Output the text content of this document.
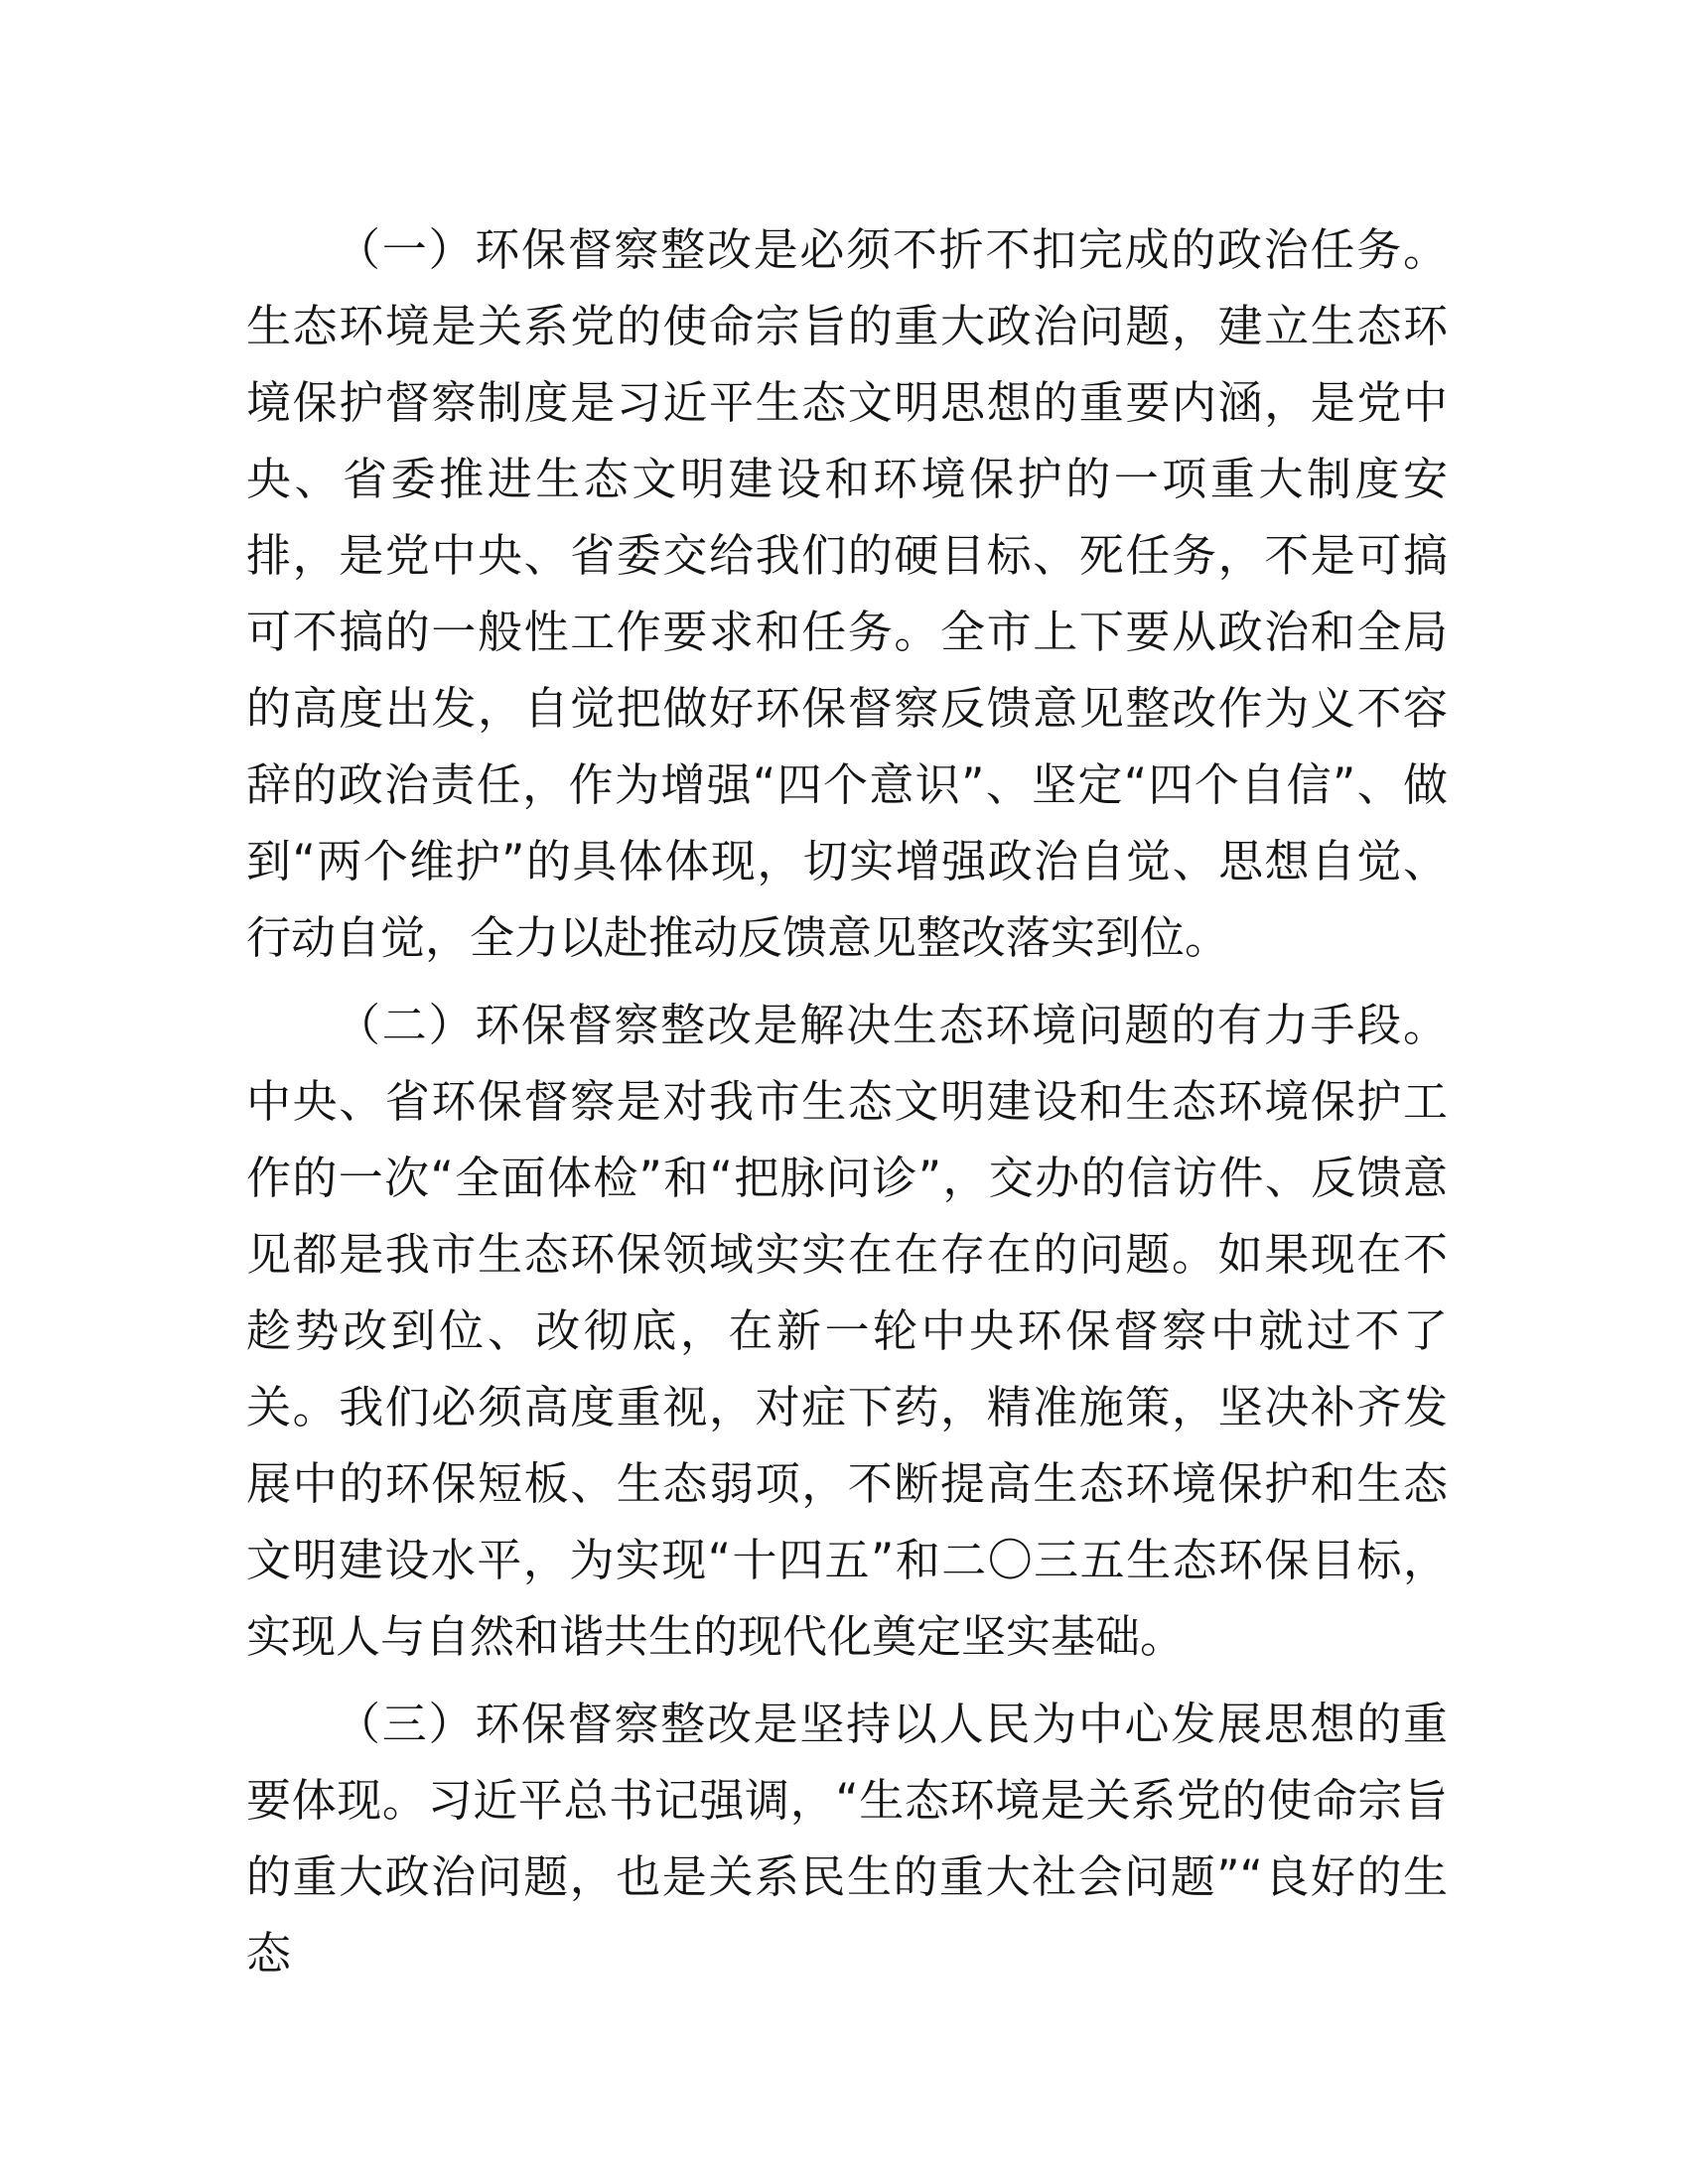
（一）环保督察整改是必须不折不扣完成的政治任务。生态环境是关系党的使命宗旨的重大政治问题，建立生态环境保护督察制度是习近平生态文明思想的重要内涵，是党中央、省委推进生态文明建设和环境保护的一项重大制度安排，是党中央、省委交给我们的硬目标、死任务，不是可搞可不搞的一般性工作要求和任务。全市上下要从政治和全局的高度出发，自觉把做好环保督察反馈意见整改作为义不容辞的政治责任，作为增强“四个意识”、坚定“四个自信”、做到“两个维护”的具体体现，切实增强政治自觉、思想自觉、行动自觉，全力以赴推动反馈意见整改落实到位。

（二）环保督察整改是解决生态环境问题的有力手段。中央、省环保督察是对我市生态文明建设和生态环境保护工作的一次“全面体检”和“把脉问诊”，交办的信访件、反馈意见都是我市生态环保领域实实在在存在的问题。如果现在不趁势改到位、改彻底，在新一轮中央环保督察中就过不了关。我们必须高度重视，对症下药，精准施策，坚决补齐发展中的环保短板、生态弱项，不断提高生态环境保护和生态文明建设水平，为实现“十四五”和二〇三五生态环保目标，实现人与自然和谐共生的现代化奠定坚实基础。

（三）环保督察整改是坚持以人民为中心发展思想的重要体现。习近平总书记强调，“生态环境是关系党的使命宗旨的重大政治问题，也是关系民生的重大社会问题”“良好的生态
